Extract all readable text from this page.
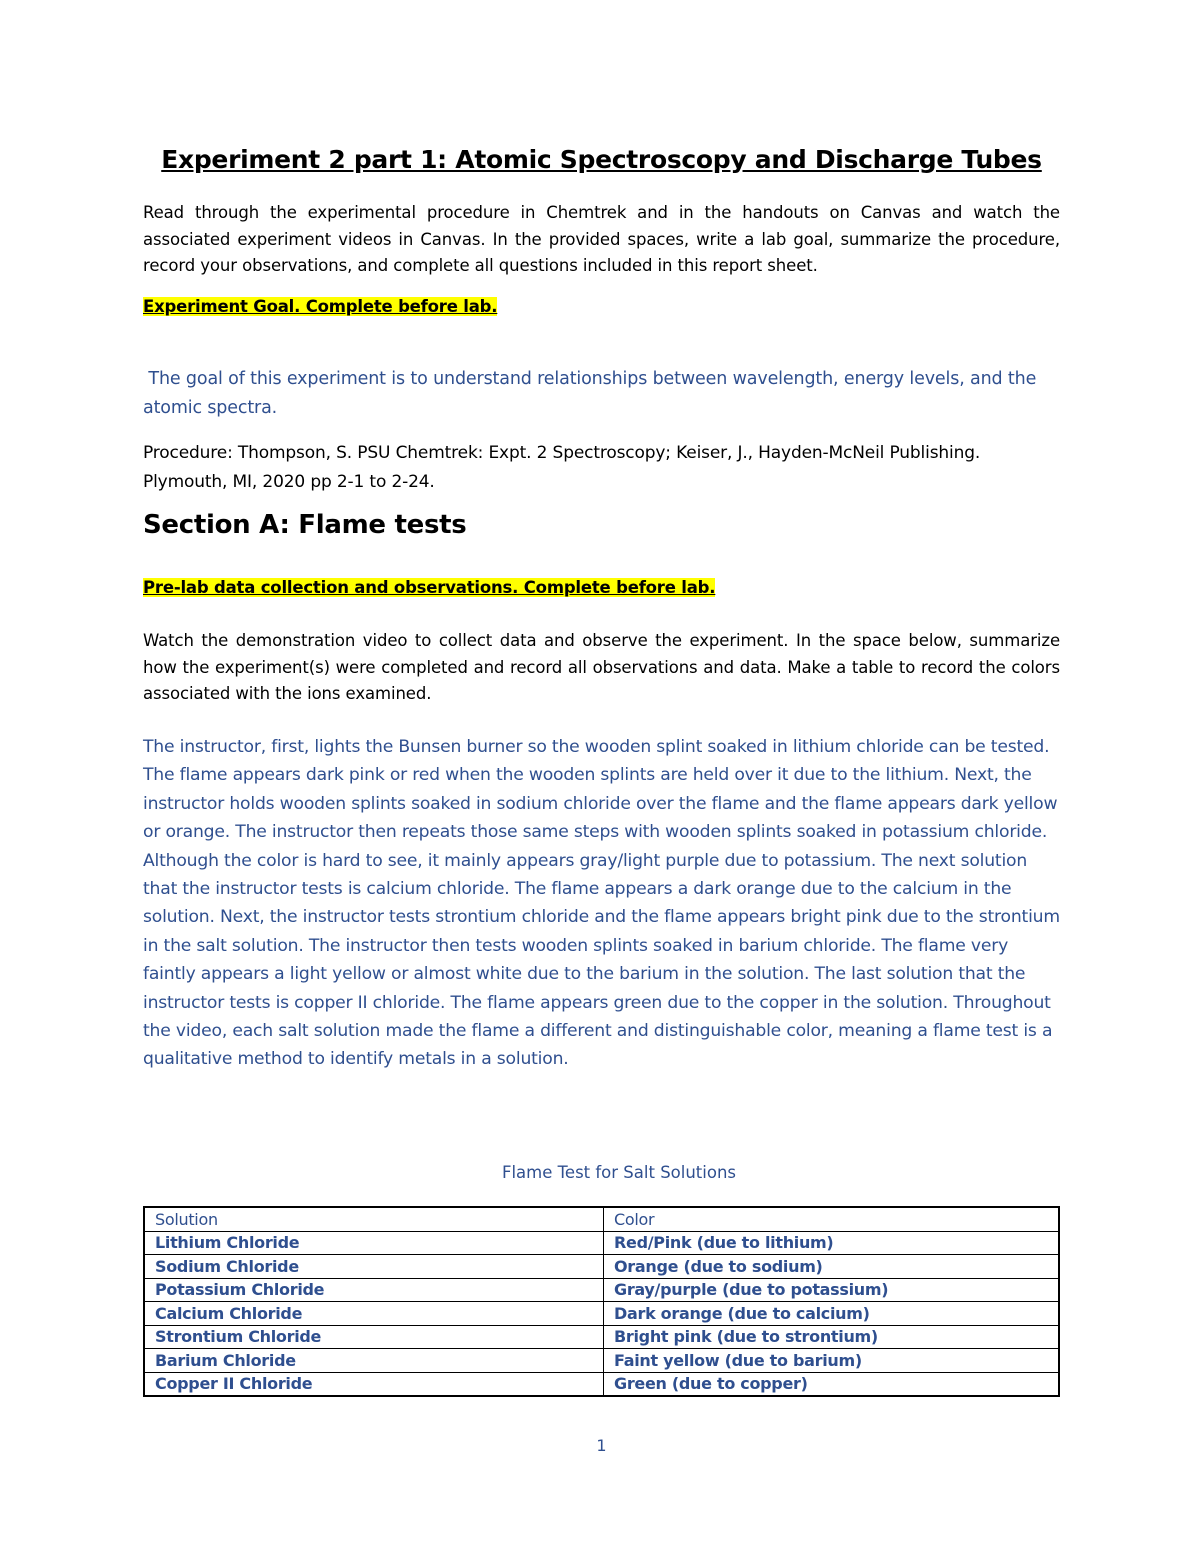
Experiment 2 part 1: Atomic Spectroscopy and Discharge Tubes
Read through the experimental procedure in Chemtrek and in the handouts on Canvas and watch the associated experiment videos in Canvas. In the provided spaces, write a lab goal, summarize the procedure, record your observations, and complete all questions included in this report sheet.
Experiment Goal. Complete before lab.
The goal of this experiment is to understand relationships between wavelength, energy levels, and the atomic spectra.
Procedure: Thompson, S. PSU Chemtrek: Expt. 2 Spectroscopy; Keiser, J., Hayden-McNeil Publishing. Plymouth, MI, 2020 pp 2-1 to 2-24.
Section A: Flame tests
Pre-lab data collection and observations. Complete before lab.
Watch the demonstration video to collect data and observe the experiment. In the space below, summarize how the experiment(s) were completed and record all observations and data. Make a table to record the colors associated with the ions examined.
The instructor, first, lights the Bunsen burner so the wooden splint soaked in lithium chloride can be tested. The flame appears dark pink or red when the wooden splints are held over it due to the lithium. Next, the instructor holds wooden splints soaked in sodium chloride over the flame and the flame appears dark yellow or orange. The instructor then repeats those same steps with wooden splints soaked in potassium chloride. Although the color is hard to see, it mainly appears gray/light purple due to potassium. The next solution that the instructor tests is calcium chloride. The flame appears a dark orange due to the calcium in the solution. Next, the instructor tests strontium chloride and the flame appears bright pink due to the strontium in the salt solution. The instructor then tests wooden splints soaked in barium chloride. The flame very faintly appears a light yellow or almost white due to the barium in the solution. The last solution that the instructor tests is copper II chloride. The flame appears green due to the copper in the solution. Throughout the video, each salt solution made the flame a different and distinguishable color, meaning a flame test is a qualitative method to identify metals in a solution.
Flame Test for Salt Solutions
Solution	Color
Lithium Chloride	Red/Pink (due to lithium)
Sodium Chloride	Orange (due to sodium)
Potassium Chloride	Gray/purple (due to potassium)
Calcium Chloride	Dark orange (due to calcium)
Strontium Chloride	Bright pink (due to strontium)
Barium Chloride	Faint yellow (due to barium)
Copper II Chloride	Green (due to copper)
1
